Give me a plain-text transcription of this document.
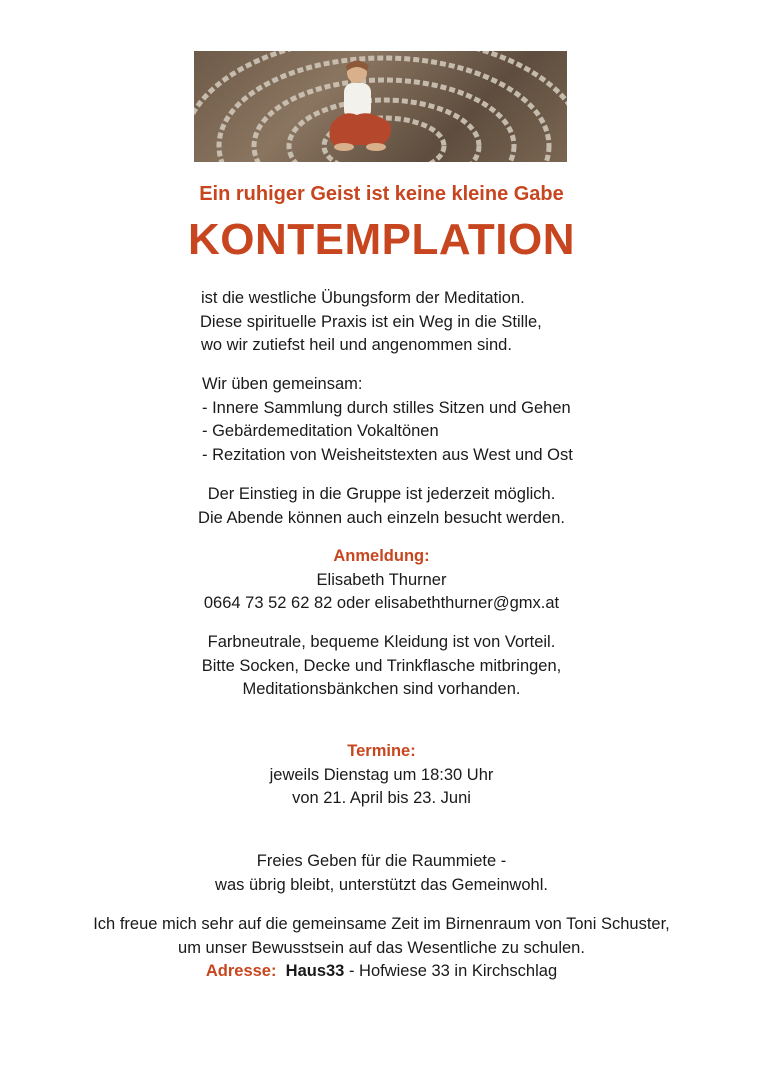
Ein ruhiger Geist ist keine kleine Gabe
KONTEMPLATION
ist die westliche Übungsform der Meditation.
Diese spirituelle Praxis ist ein Weg in die Stille,
wo wir zutiefst heil und angenommen sind.
Wir üben gemeinsam:
- Innere Sammlung durch stilles Sitzen und Gehen
- Gebärdemeditation Vokaltönen
- Rezitation von Weisheitstexten aus West und Ost
Der Einstieg in die Gruppe ist jederzeit möglich.
Die Abende können auch einzeln besucht werden.
Anmeldung:
Elisabeth Thurner
0664 73 52 62 82 oder elisabeththurner@gmx.at
Farbneutrale, bequeme Kleidung ist von Vorteil.
Bitte Socken, Decke und Trinkflasche mitbringen,
Meditationsbänkchen sind vorhanden.
Termine:
jeweils Dienstag um 18:30 Uhr
von 21. April bis 23. Juni
Freies Geben für die Raummiete -
was übrig bleibt, unterstützt das Gemeinwohl.
Ich freue mich sehr auf die gemeinsame Zeit im Birnenraum von Toni Schuster,
um unser Bewusstsein auf das Wesentliche zu schulen.
Adresse: Haus33 - Hofwiese 33 in Kirchschlag
